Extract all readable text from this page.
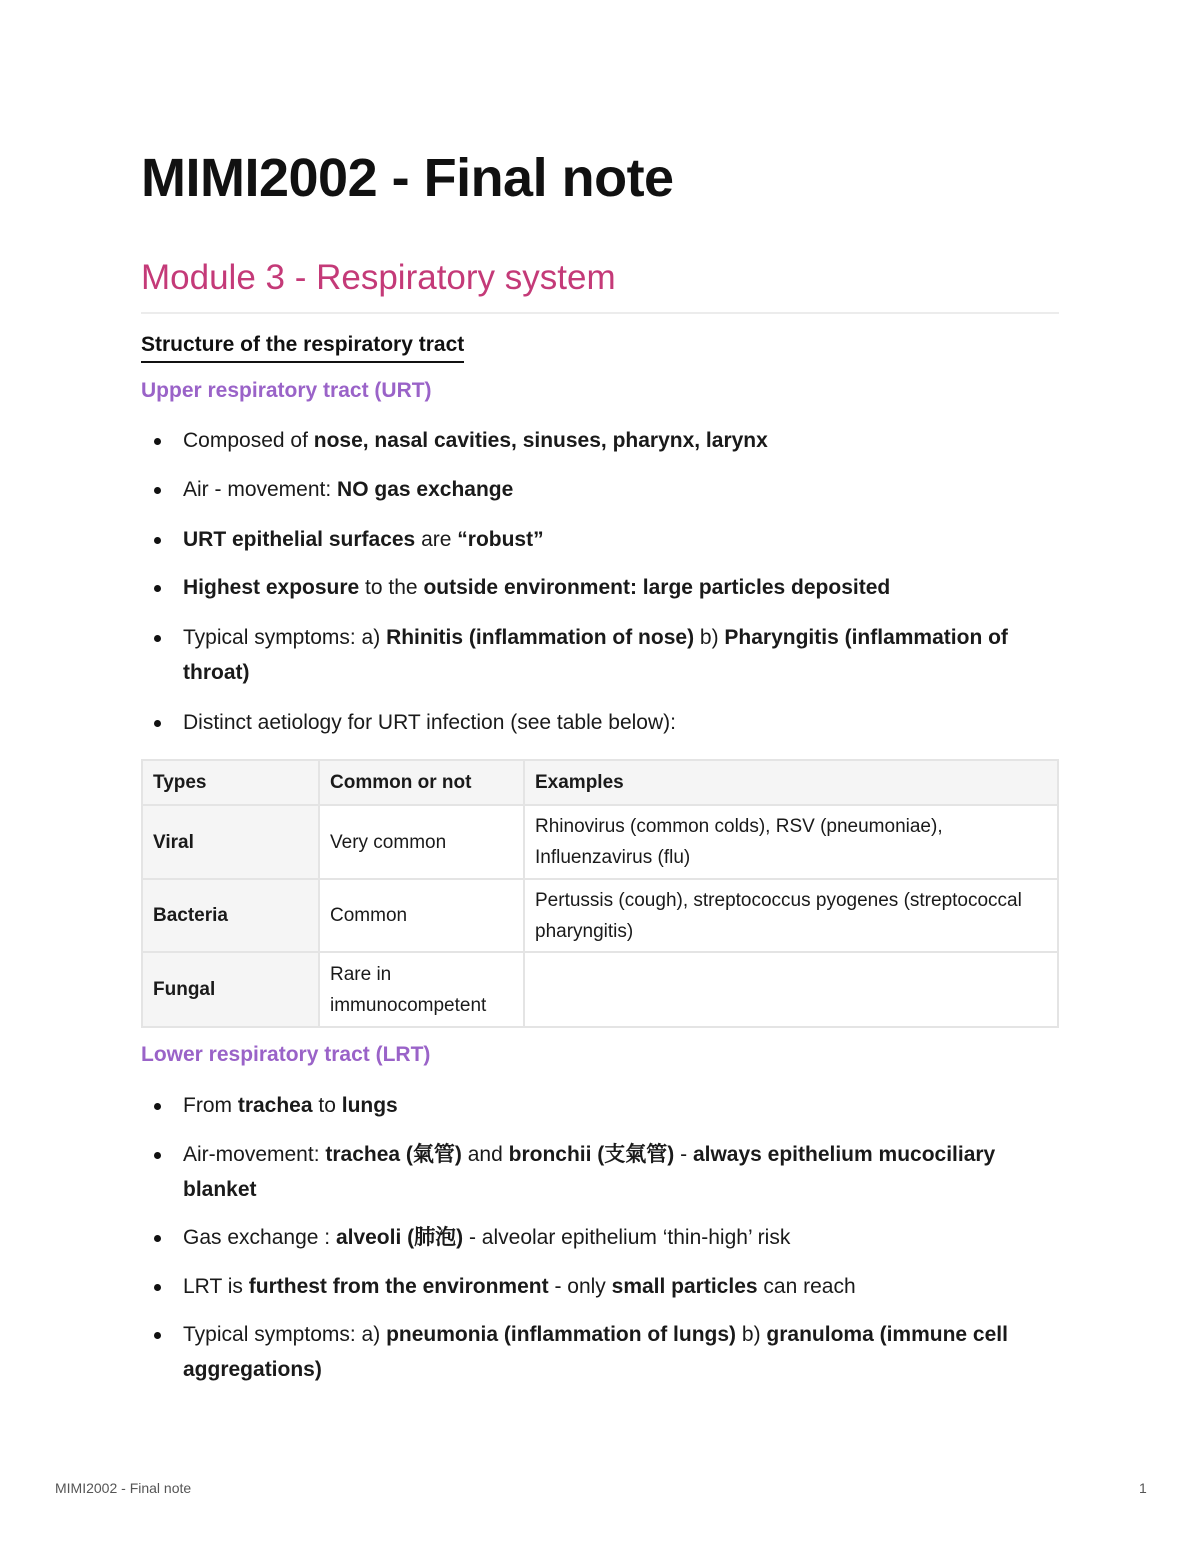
MIMI2002 - Final note
Module 3 - Respiratory system
Structure of the respiratory tract
Upper respiratory tract (URT)
Composed of nose, nasal cavities, sinuses, pharynx, larynx
Air - movement: NO gas exchange
URT epithelial surfaces are “robust”
Highest exposure to the outside environment: large particles deposited
Typical symptoms: a) Rhinitis (inflammation of nose) b) Pharyngitis (inflammation of throat)
Distinct aetiology for URT infection (see table below):
Types	Common or not	Examples
Viral	Very common	Rhinovirus (common colds), RSV (pneumoniae), Influenzavirus (flu)
Bacteria	Common	Pertussis (cough), streptococcus pyogenes (streptococcal pharyngitis)
Fungal	Rare in immunocompetent	
Lower respiratory tract (LRT)
From trachea to lungs
Air-movement: trachea (氣管) and bronchii (支氣管) - always epithelium mucociliary blanket
Gas exchange : alveoli (肺泡) - alveolar epithelium ‘thin-high’ risk
LRT is furthest from the environment - only small particles can reach
Typical symptoms: a) pneumonia (inflammation of lungs) b) granuloma (immune cell aggregations)
MIMI2002 - Final note	1
